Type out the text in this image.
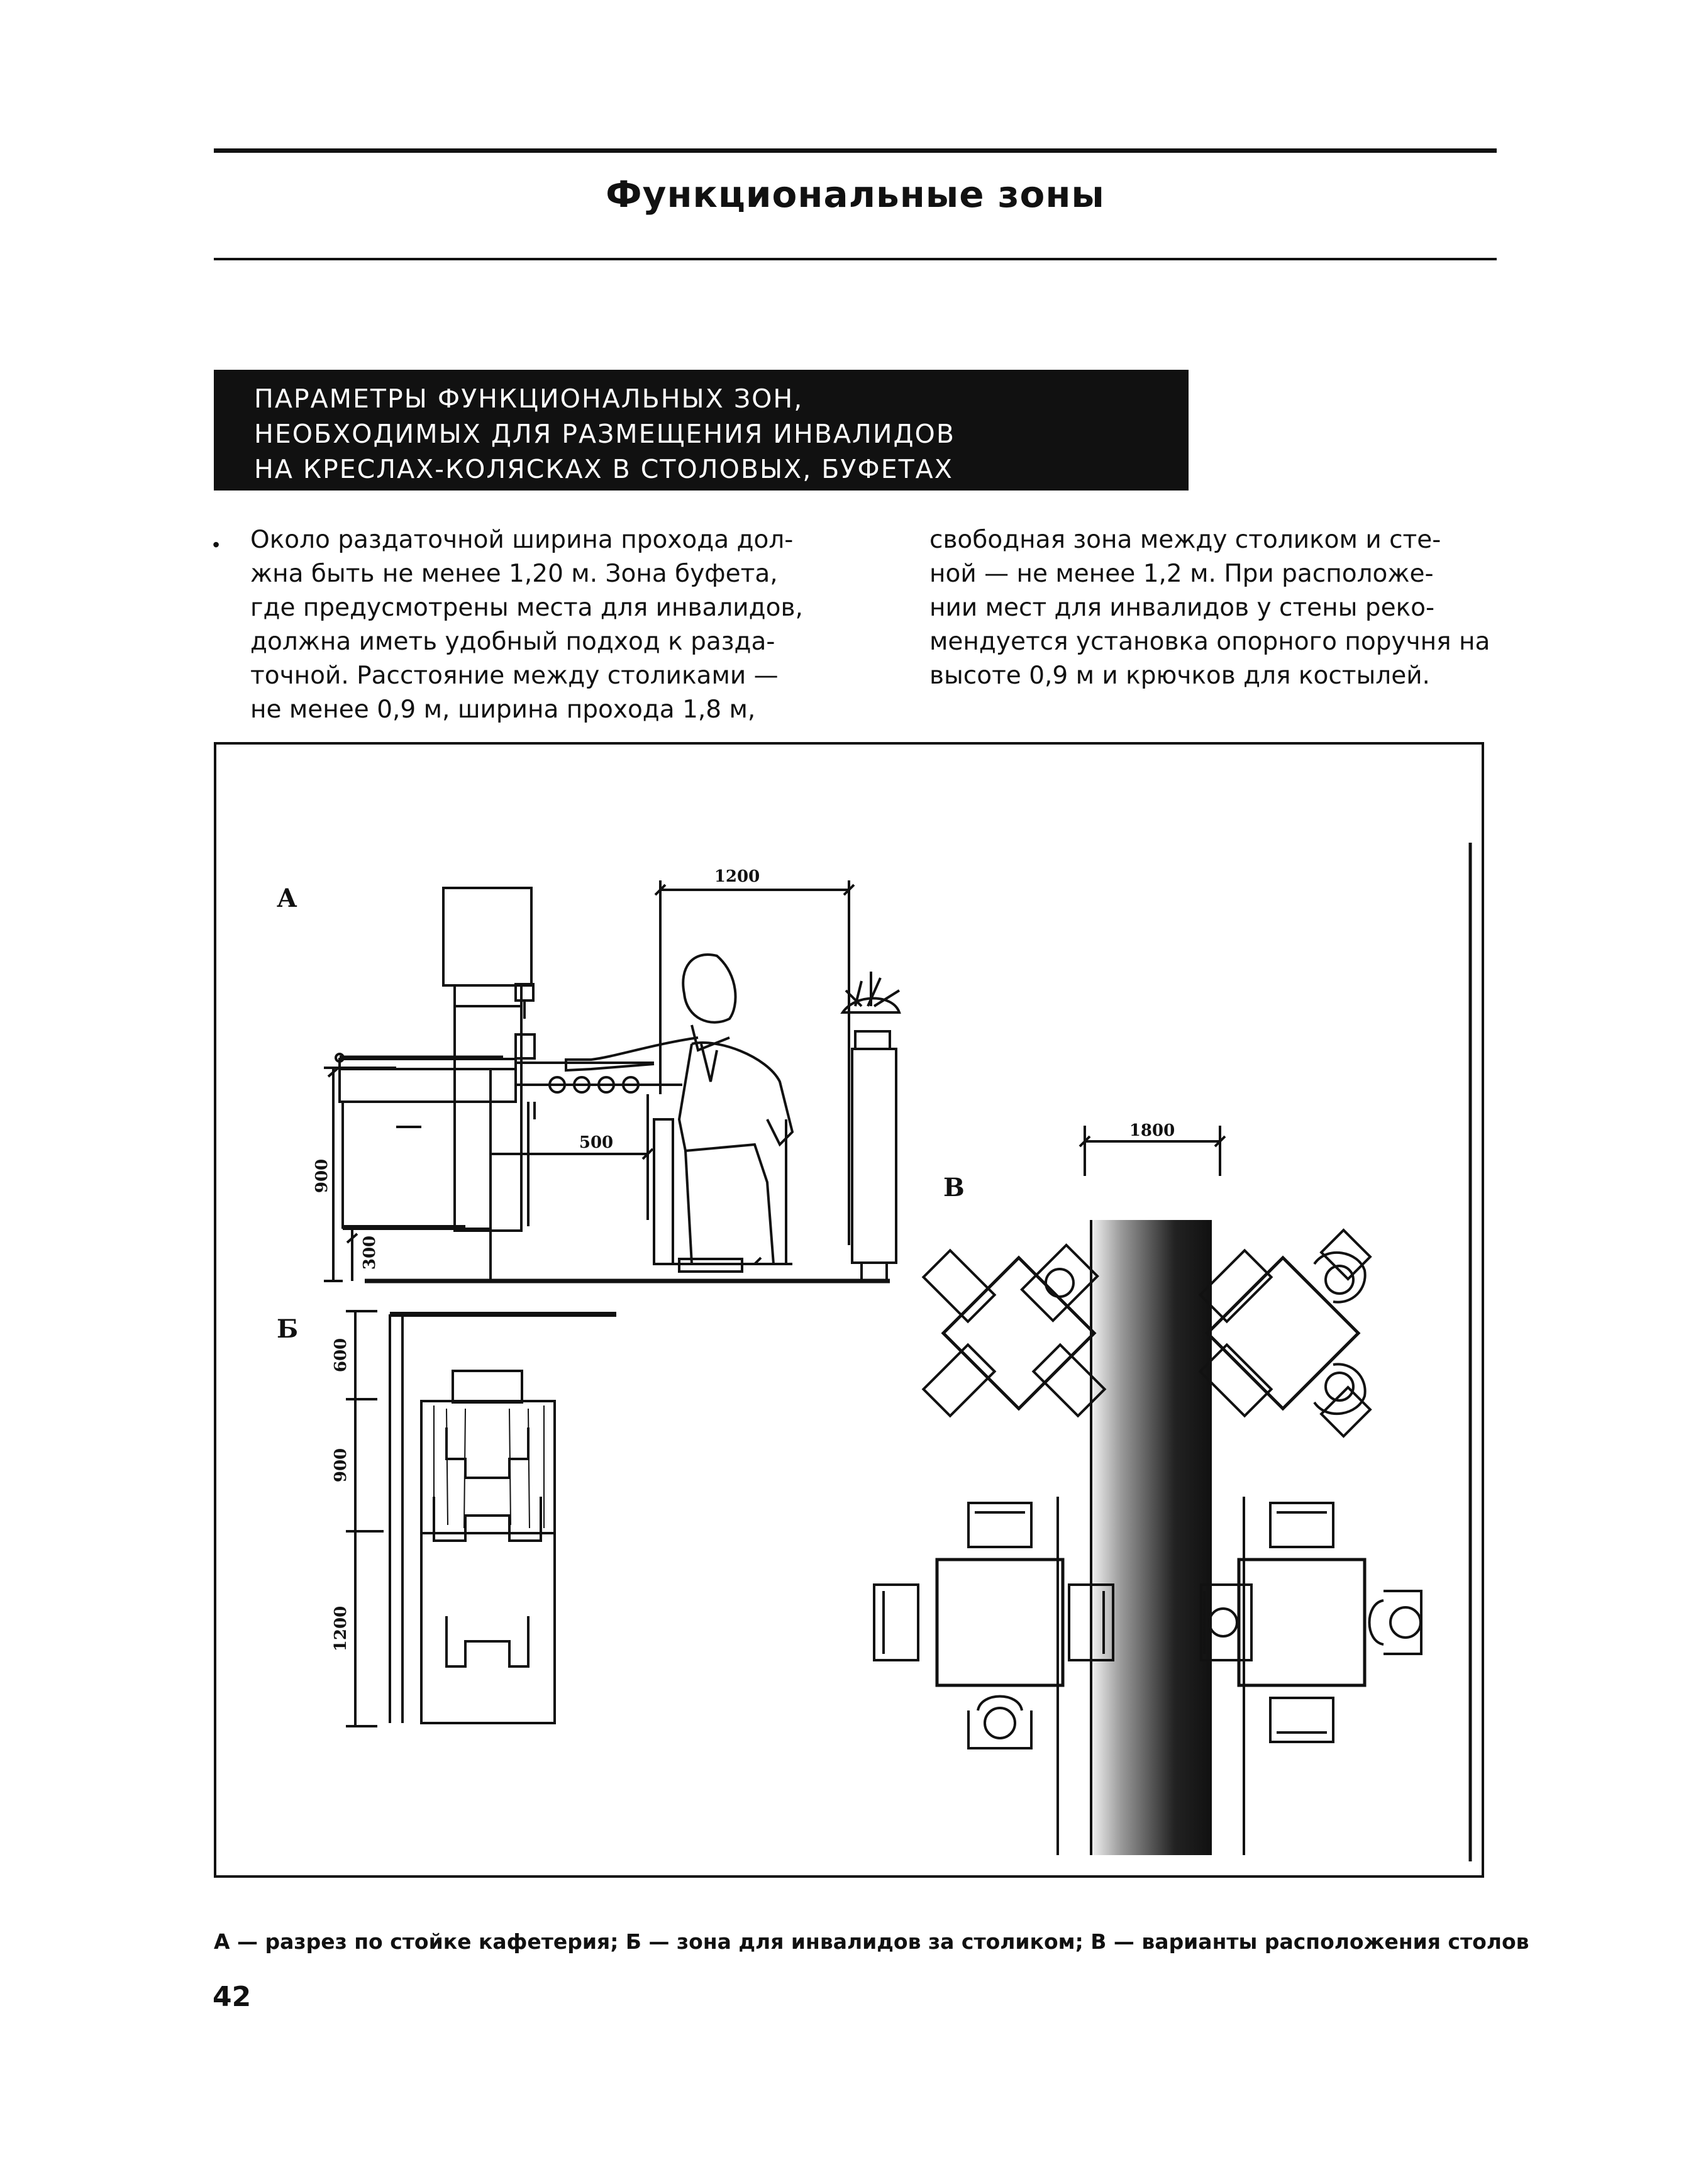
Функциональные зоны
ПАРАМЕТРЫ ФУНКЦИОНАЛЬНЫХ ЗОН,
НЕОБХОДИМЫХ ДЛЯ РАЗМЕЩЕНИЯ ИНВАЛИДОВ
НА КРЕСЛАХ-КОЛЯСКАХ В СТОЛОВЫХ, БУФЕТАХ
• Около раздаточной ширина прохода дол-
жна быть не менее 1,20 м. Зона буфета,
где предусмотрены места для инвалидов,
должна иметь удобный подход к разда-
точной. Расстояние между столиками —
не менее 0,9 м, ширина прохода 1,8 м,
свободная зона между столиком и сте-
ной — не менее 1,2 м. При расположе-
нии мест для инвалидов у стены реко-
мендуется установка опорного поручня на
высоте 0,9 м и крючков для костылей.
А
1200
500
900
300
Б
600
900
1200
В
1800
А — разрез по стойке кафетерия; Б — зона для инвалидов за столиком; В — варианты расположения столов
42
